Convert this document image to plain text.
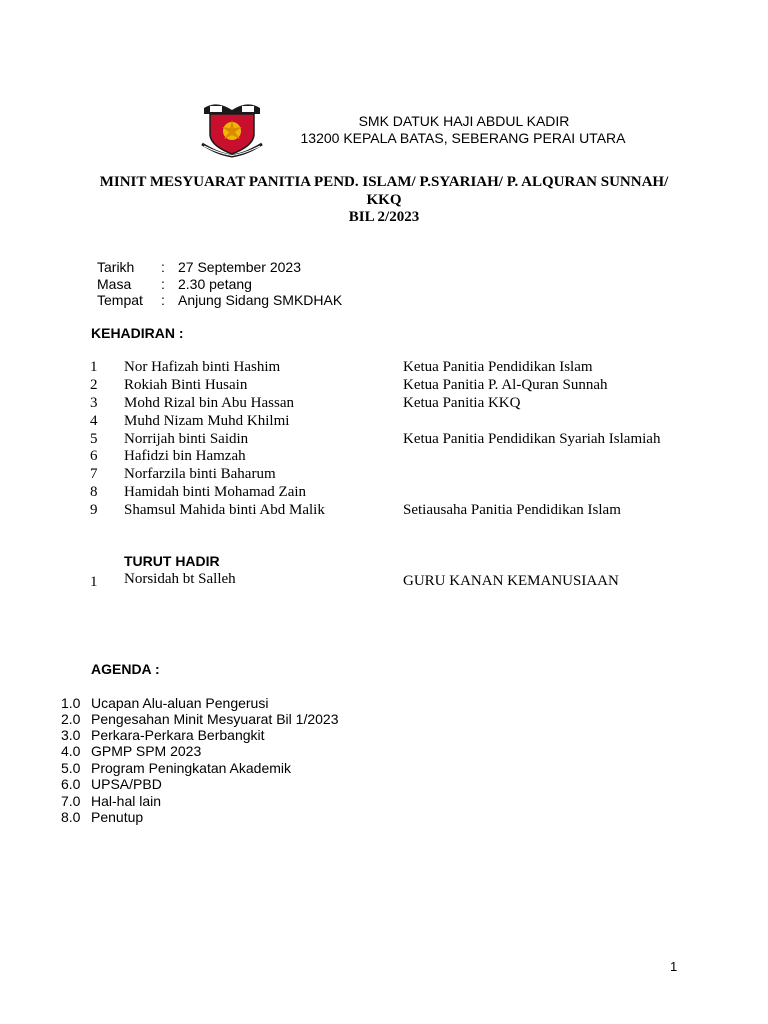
SMK DATUK HAJI ABDUL KADIR
13200 KEPALA BATAS, SEBERANG PERAI UTARA
MINIT MESYUARAT PANITIA PEND. ISLAM/ P.SYARIAH/ P. ALQURAN SUNNAH/
KKQ
BIL 2/2023
Tarikh : 27 September 2023
Masa : 2.30 petang
Tempat : Anjung Sidang SMKDHAK
KEHADIRAN :
1 Nor Hafizah binti Hashim	Ketua Panitia Pendidikan Islam
2 Rokiah Binti Husain	Ketua Panitia P. Al-Quran Sunnah
3 Mohd Rizal bin Abu Hassan	Ketua Panitia KKQ
4 Muhd Nizam Muhd Khilmi
5 Norrijah binti Saidin	Ketua Panitia Pendidikan Syariah Islamiah
6 Hafidzi bin Hamzah
7 Norfarzila binti Baharum
8 Hamidah binti Mohamad Zain
9 Shamsul Mahida binti Abd Malik	Setiausaha Panitia Pendidikan Islam
TURUT HADIR
1 Norsidah bt Salleh	GURU KANAN KEMANUSIAAN
AGENDA :
1.0 Ucapan Alu-aluan Pengerusi
2.0 Pengesahan Minit Mesyuarat Bil 1/2023
3.0 Perkara-Perkara Berbangkit
4.0 GPMP SPM 2023
5.0 Program Peningkatan Akademik
6.0 UPSA/PBD
7.0 Hal-hal lain
8.0 Penutup
1
